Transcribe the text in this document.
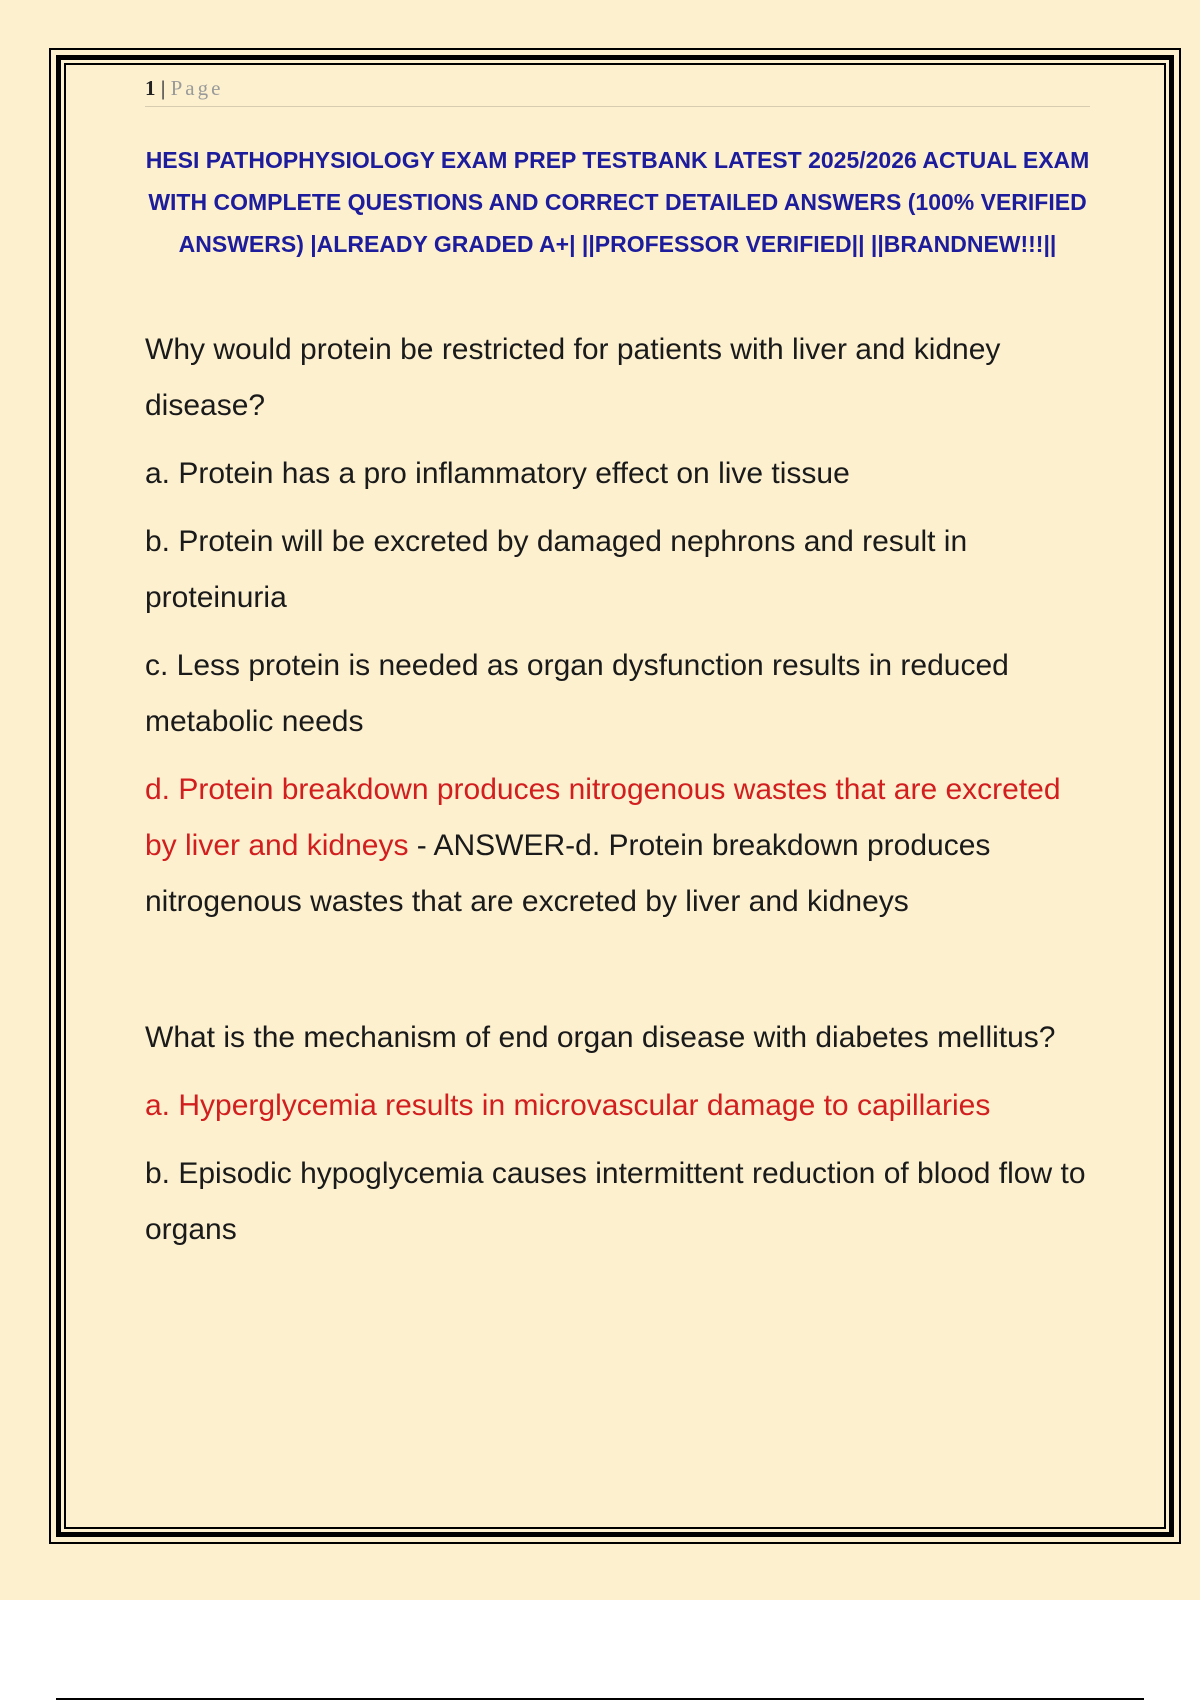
1 | Page
HESI PATHOPHYSIOLOGY EXAM PREP TESTBANK LATEST 2025/2026 ACTUAL EXAM WITH COMPLETE QUESTIONS AND CORRECT DETAILED ANSWERS (100% VERIFIED ANSWERS) |ALREADY GRADED A+| ||PROFESSOR VERIFIED|| ||BRANDNEW!!!||

Why would protein be restricted for patients with liver and kidney disease?

a. Protein has a pro inflammatory effect on live tissue

b. Protein will be excreted by damaged nephrons and result in proteinuria

c. Less protein is needed as organ dysfunction results in reduced metabolic needs

d. Protein breakdown produces nitrogenous wastes that are excreted by liver and kidneys - ANSWER-d. Protein breakdown produces nitrogenous wastes that are excreted by liver and kidneys

What is the mechanism of end organ disease with diabetes mellitus?

a. Hyperglycemia results in microvascular damage to capillaries

b. Episodic hypoglycemia causes intermittent reduction of blood flow to organs
